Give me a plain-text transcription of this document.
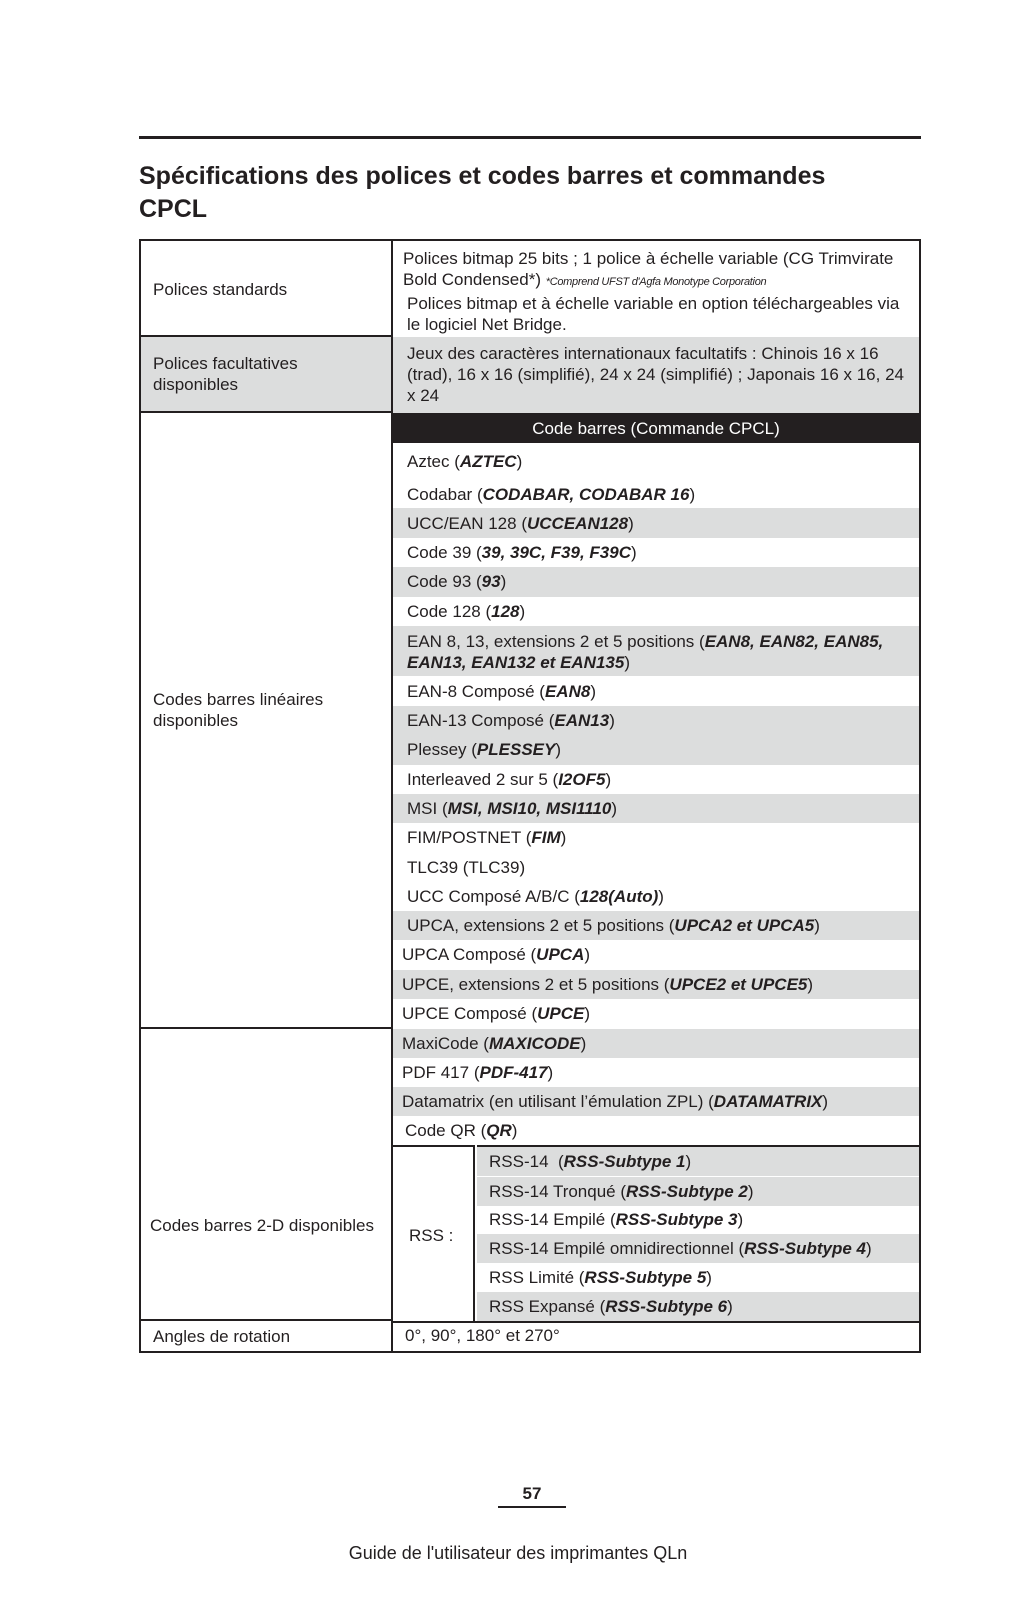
Spécifications des polices et codes barres et commandes CPCL
Polices standards
Polices facultatives disponibles
Codes barres linéaires disponibles
Codes barres 2-D disponibles
Angles de rotation
Polices bitmap 25 bits ; 1 police à échelle variable (CG Trimvirate Bold Condensed*) *Comprend UFST d'Agfa Monotype Corporation
Polices bitmap et à échelle variable en option téléchargeables via le logiciel Net Bridge.
Jeux des caractères internationaux facultatifs : Chinois 16 x 16 (trad), 16 x 16 (simplifié), 24 x 24 (simplifié) ; Japonais 16 x 16, 24 x 24
Code barres (Commande CPCL)
Aztec (AZTEC)
Codabar (CODABAR, CODABAR 16)
UCC/EAN 128 (UCCEAN128)
Code 39 (39, 39C, F39, F39C)
Code 93 (93)
Code 128 (128)
EAN 8, 13, extensions 2 et 5 positions (EAN8, EAN82, EAN85, EAN13, EAN132 et EAN135)
EAN-8 Composé (EAN8)
EAN-13 Composé (EAN13)
Plessey (PLESSEY)
Interleaved 2 sur 5 (I2OF5)
MSI (MSI, MSI10, MSI1110)
FIM/POSTNET (FIM)
TLC39 (TLC39)
UCC Composé A/B/C (128(Auto))
UPCA, extensions 2 et 5 positions (UPCA2 et UPCA5)
UPCA Composé (UPCA)
UPCE, extensions 2 et 5 positions (UPCE2 et UPCE5)
UPCE Composé (UPCE)
MaxiCode (MAXICODE)
PDF 417 (PDF-417)
Datamatrix (en utilisant l’émulation ZPL) (DATAMATRIX)
Code QR (QR)
RSS :
RSS-14  (RSS-Subtype 1)
RSS-14 Tronqué (RSS-Subtype 2)
RSS-14 Empilé (RSS-Subtype 3)
RSS-14 Empilé omnidirectionnel (RSS-Subtype 4)
RSS Limité (RSS-Subtype 5)
RSS Expansé (RSS-Subtype 6)
0°, 90°, 180° et 270°
57
Guide de l'utilisateur des imprimantes QLn
